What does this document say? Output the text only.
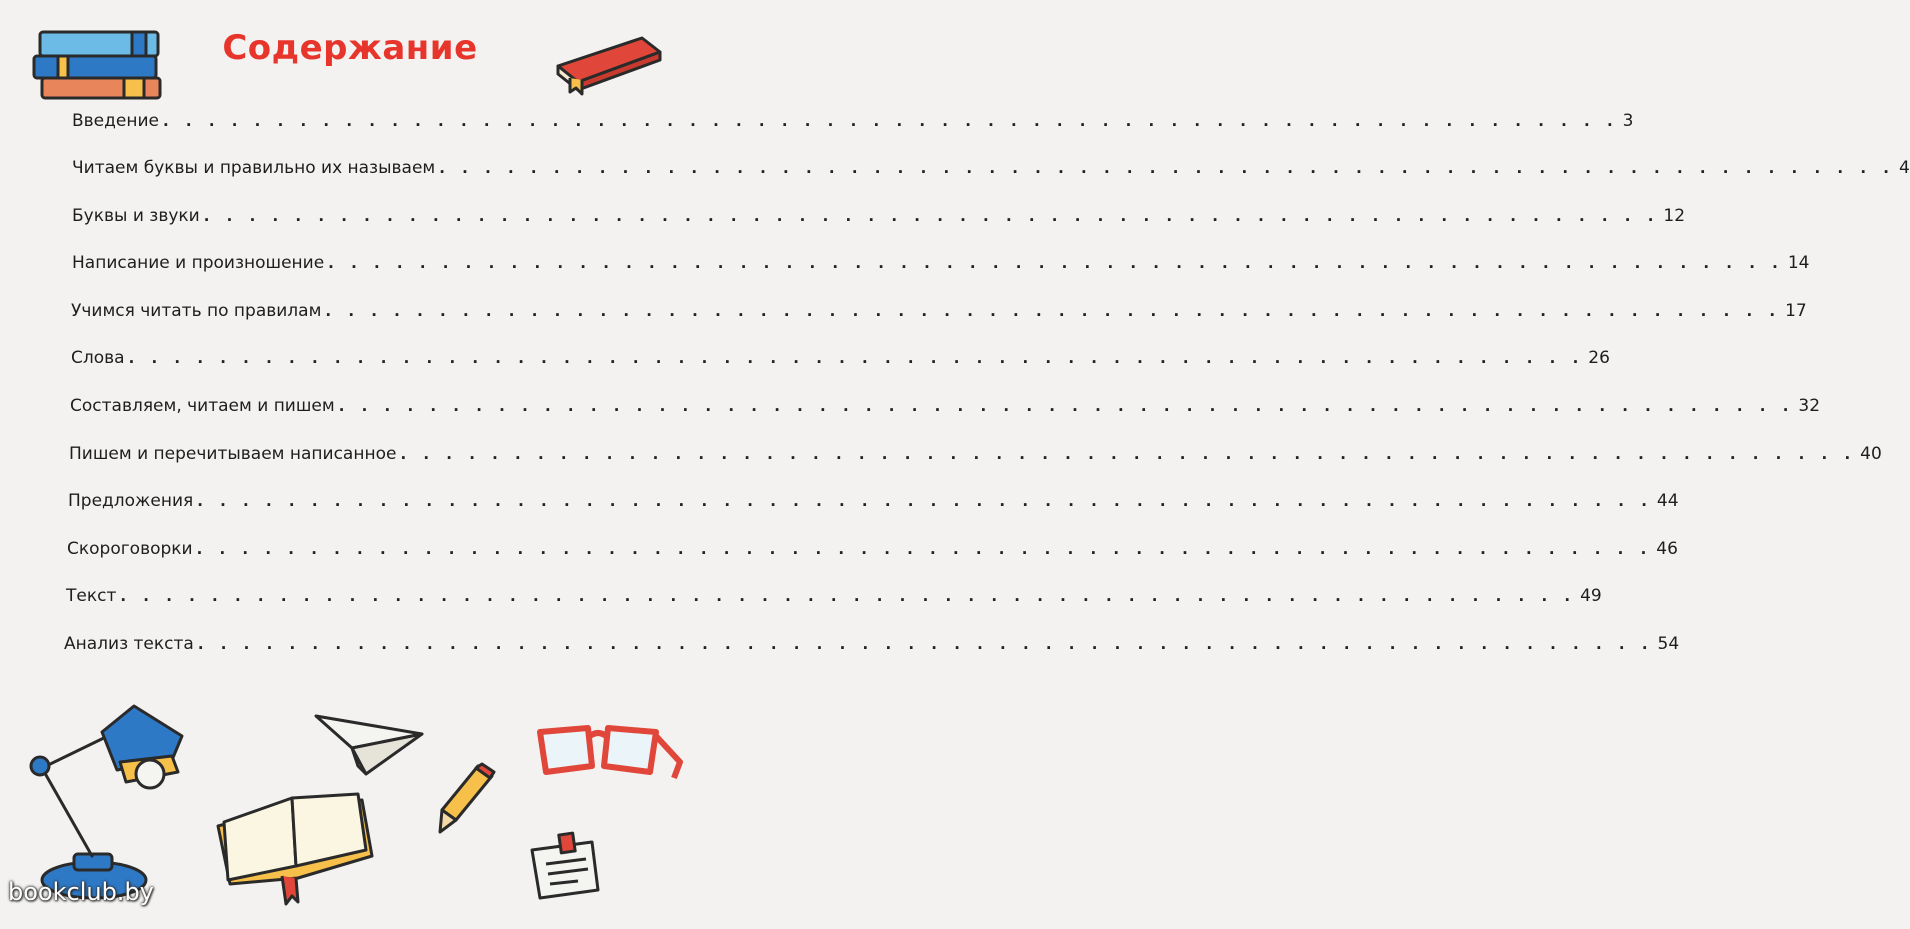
Содержание
Введение . . . . . . . . . . . . . . . . . . . . . . . . . . . . . . . . . . . . . . . . . . . . . . . . . . . . . . . . . . . . . . . . 3
Читаем буквы и правильно их называем . . . . . . . . . . . . . . . . . . . . . . . . . . . . . . . . . . . . . . . . . . . . . . . . . . . . . . . . . . . . . . . . 4
Буквы и звуки . . . . . . . . . . . . . . . . . . . . . . . . . . . . . . . . . . . . . . . . . . . . . . . . . . . . . . . . . . . . . . . . 12
Написание и произношение . . . . . . . . . . . . . . . . . . . . . . . . . . . . . . . . . . . . . . . . . . . . . . . . . . . . . . . . . . . . . . . . 14
Учимся читать по правилам . . . . . . . . . . . . . . . . . . . . . . . . . . . . . . . . . . . . . . . . . . . . . . . . . . . . . . . . . . . . . . . . 17
Слова . . . . . . . . . . . . . . . . . . . . . . . . . . . . . . . . . . . . . . . . . . . . . . . . . . . . . . . . . . . . . . . . 26
Составляем, читаем и пишем . . . . . . . . . . . . . . . . . . . . . . . . . . . . . . . . . . . . . . . . . . . . . . . . . . . . . . . . . . . . . . . . 32
Пишем и перечитываем написанное . . . . . . . . . . . . . . . . . . . . . . . . . . . . . . . . . . . . . . . . . . . . . . . . . . . . . . . . . . . . . . . . 40
Предложения . . . . . . . . . . . . . . . . . . . . . . . . . . . . . . . . . . . . . . . . . . . . . . . . . . . . . . . . . . . . . . . . 44
Скороговорки . . . . . . . . . . . . . . . . . . . . . . . . . . . . . . . . . . . . . . . . . . . . . . . . . . . . . . . . . . . . . . . . 46
Текст . . . . . . . . . . . . . . . . . . . . . . . . . . . . . . . . . . . . . . . . . . . . . . . . . . . . . . . . . . . . . . . . 49
Анализ текста . . . . . . . . . . . . . . . . . . . . . . . . . . . . . . . . . . . . . . . . . . . . . . . . . . . . . . . . . . . . . . . . 54
bookclub.by
